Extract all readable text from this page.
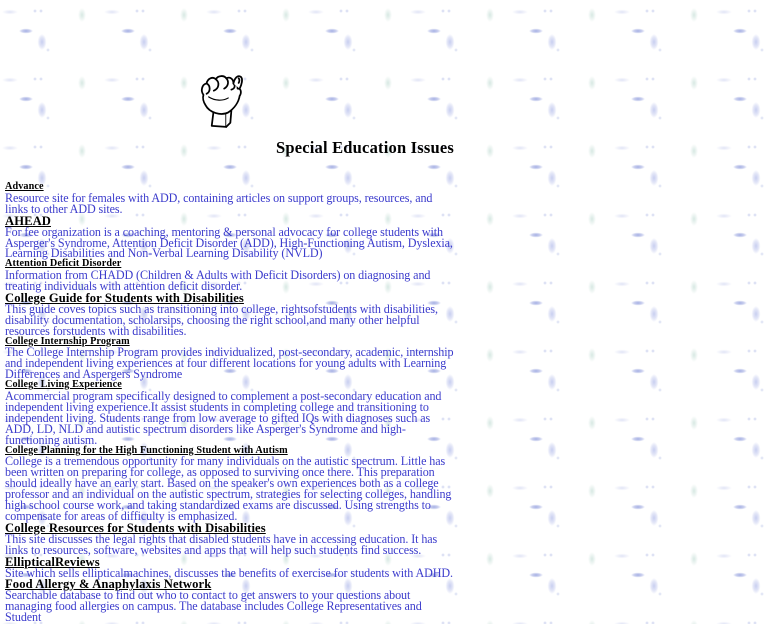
Special Education Issues
Advance
Resource site for females with ADD, containing articles on support groups, resources, and links to other ADD sites.
AHEAD
For fee organization is a coaching, mentoring & personal advocacy for college students with Asperger's Syndrome, Attention Deficit Disorder (ADD), High-Functioning Autism, Dyslexia, Learning Disabilities and Non-Verbal Learning Disability (NVLD)
Attention Deficit Disorder
Information from CHADD (Children & Adults with Deficit Disorders) on diagnosing and treating individuals with attention deficit disorder.
College Guide for Students with Disabilities
This guide coves topics such as transitioning into college, rightsofstudents with disabilities, disability documentation, scholarsips, choosing the right school,and many other helpful resources forstudents with disabilities.
College Internship Program
The College Internship Program provides individualized, post-secondary, academic, internship and independent living experiences at four different locations for young adults with Learning Differences and Aspergers Syndrome
College Living Experience
Acommercial program specifically designed to complement a post-secondary education and independent living experience.It assist students in completing college and transitioning to independent living. Students range from low average to gifted IQs with diagnoses such as ADD, LD, NLD and autistic spectrum disorders like Asperger's Syndrome and high-functioning autism.
College Planning for the High Functioning Student with Autism
College is a tremendous opportunity for many individuals on the autistic spectrum. Little has been written on preparing for college, as opposed to surviving once there. This preparation should ideally have an early start. Based on the speaker's own experiences both as a college professor and an individual on the autistic spectrum, strategies for selecting colleges, handling high school course work, and taking standardized exams are discussed. Using strengths to compensate for areas of difficulty is emphasized.
College Resources for Students with Disabilities
This site discusses the legal rights that disabled students have in accessing education. It has links to resources, software, websites and apps that will help such students find success.
EllipticalReviews
Site which sells ellipticalmachines, discusses the benefits of exercise for students with ADHD.
Food Allergy & Anaphylaxis Network
Searchable database to find out who to contact to get answers to your questions about managing food allergies on campus. The database includes College Representatives and Student
